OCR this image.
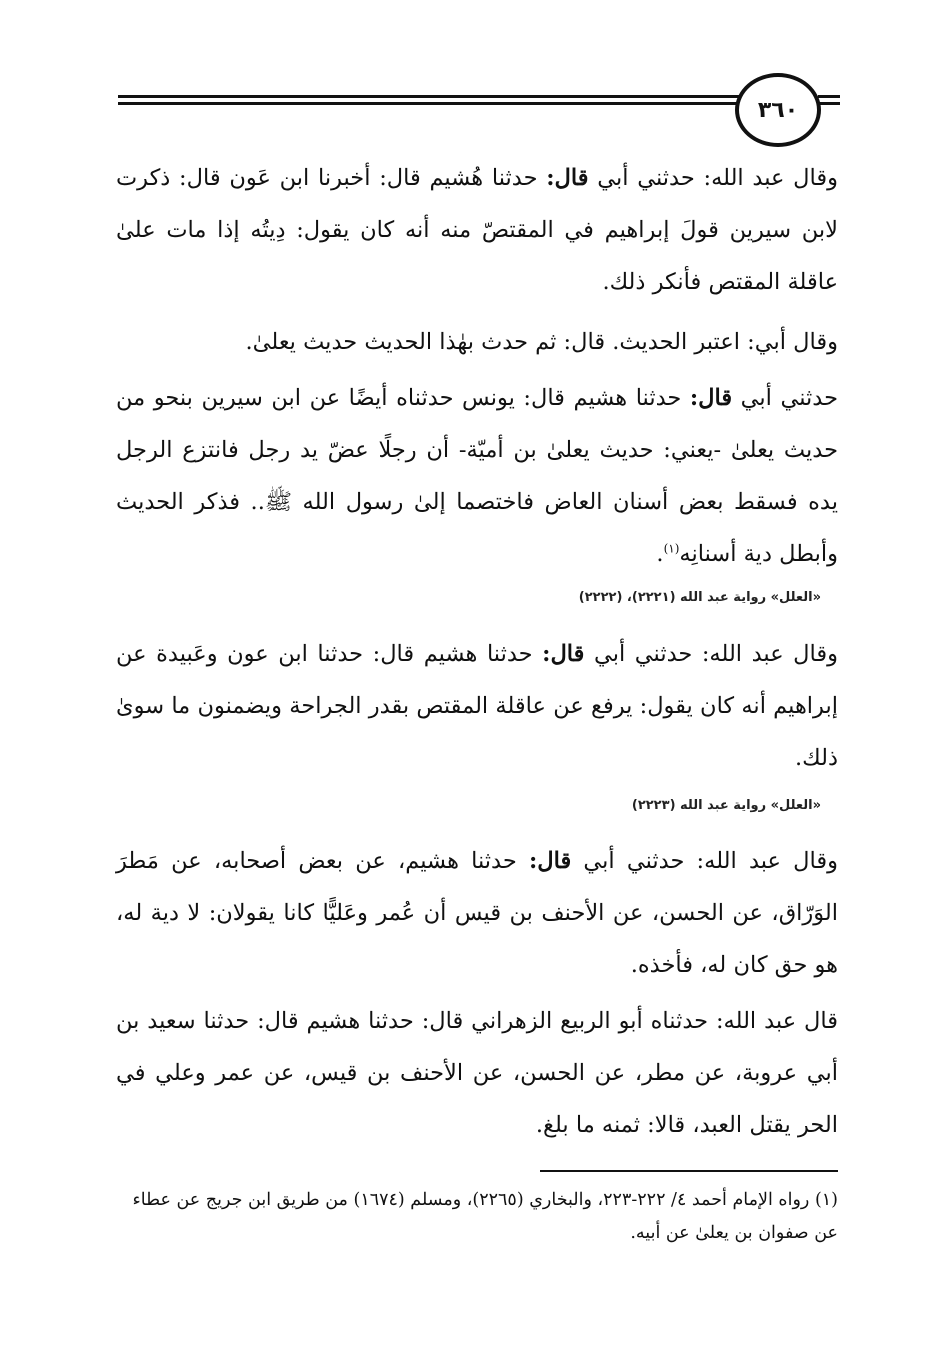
٣٦٠

وقال عبد الله: حدثني أبي قال: حدثنا هُشيم قال: أخبرنا ابن عَون قال: ذكرت لابن سيرين قولَ إبراهيم في المقتصّ منه أنه كان يقول: دِيتُه إذا مات علىٰ عاقلة المقتص فأنكر ذلك.

وقال أبي: اعتبر الحديث. قال: ثم حدث بهٰذا الحديث حديث يعلىٰ.

حدثني أبي قال: حدثنا هشيم قال: يونس حدثناه أيضًا عن ابن سيرين بنحو من حديث يعلىٰ -يعني: حديث يعلىٰ بن أميّة- أن رجلًا عضّ يد رجل فانتزع الرجل يده فسقط بعض أسنان العاض فاختصما إلىٰ رسول الله ﷺ.. فذكر الحديث وأبطل دية أسنانِه$^{(١)}$.

«العلل» رواية عبد الله (٢٢٢١)، (٢٢٢٢)

وقال عبد الله: حدثني أبي قال: حدثنا هشيم قال: حدثنا ابن عون وعَبيدة عن إبراهيم أنه كان يقول: يرفع عن عاقلة المقتص بقدر الجراحة ويضمنون ما سوىٰ ذلك.

«العلل» رواية عبد الله (٢٢٢٣)

وقال عبد الله: حدثني أبي قال: حدثنا هشيم، عن بعض أصحابه، عن مَطرَ الوَرّاق، عن الحسن، عن الأحنف بن قيس أن عُمر وعَليًّا كانا يقولان: لا دية له، هو حق كان له، فأخذه.

قال عبد الله: حدثناه أبو الربيع الزهراني قال: حدثنا هشيم قال: حدثنا سعيد بن أبي عروبة، عن مطر، عن الحسن، عن الأحنف بن قيس، عن عمر وعلي في الحر يقتل العبد، قالا: ثمنه ما بلغ.

(١) رواه الإمام أحمد ٤/ ٢٢٢-٢٢٣، والبخاري (٢٢٦٥)، ومسلم (١٦٧٤) من طريق ابن جريج عن عطاء عن صفوان بن يعلىٰ عن أبيه.
